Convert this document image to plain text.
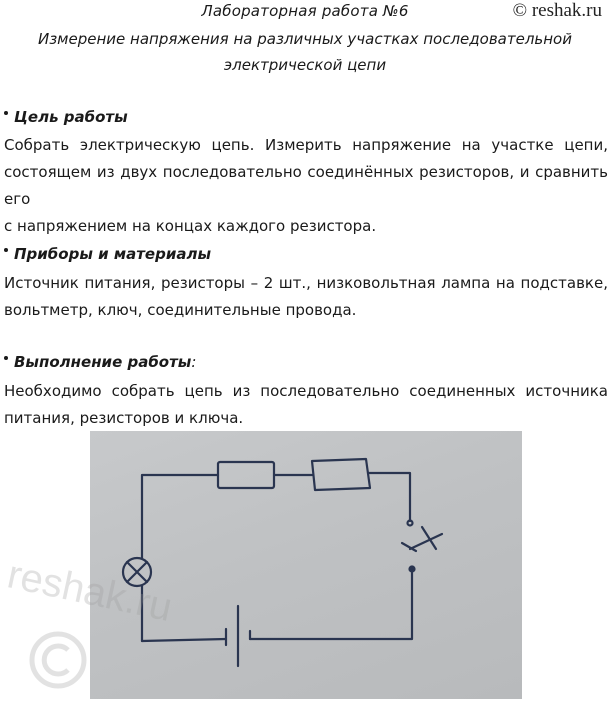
Лабораторная работа №6	© reshak.ru
Измерение напряжения на различных участках последовательной
электрической цепи
Цель работы
Собрать электрическую цепь. Измерить напряжение на участке цепи,
состоящем из двух последовательно соединённых резисторов, и сравнить его
с напряжением на концах каждого резистора.
Приборы и материалы
Источник питания, резисторы – 2 шт., низковольтная лампа на подставке,
вольтметр, ключ, соединительные провода.
Выполнение работы:
Необходимо собрать цепь из последовательно соединенных источника
питания, резисторов и ключа.
reshak.ru
